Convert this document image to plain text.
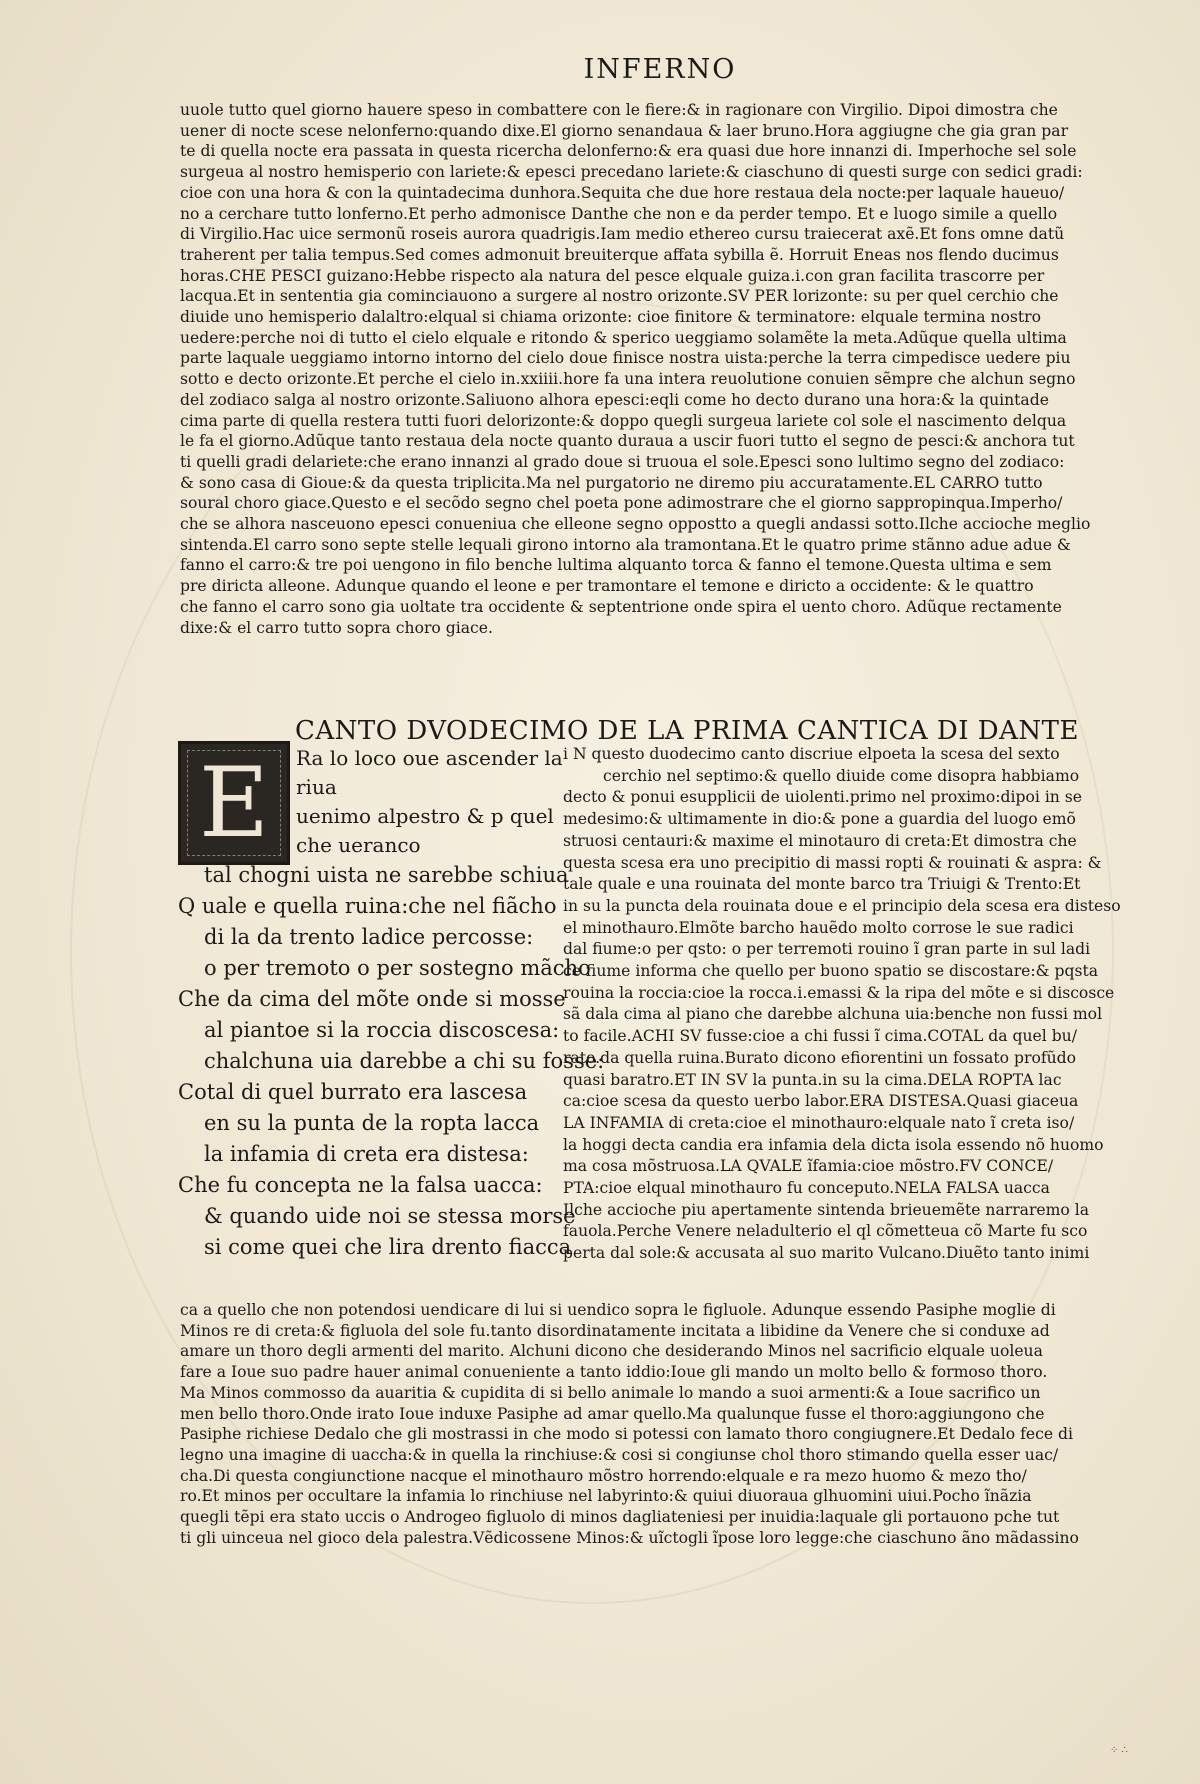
INFERNO
uuole tutto quel giorno hauere speso in combattere con le fiere:& in ragionare con Virgilio. Dipoi dimostra che
uener di nocte scese nelonferno:quando dixe.El giorno senandaua & laer bruno.Hora aggiugne che gia gran par
te di quella nocte era passata in questa ricercha delonferno:& era quasi due hore innanzi di. Imperhoche sel sole
surgeua al nostro hemisperio con lariete:& epesci precedano lariete:& ciaschuno di questi surge con sedici gradi:
cioe con una hora & con la quintadecima dunhora.Sequita che due hore restaua dela nocte:per laquale haueuo/
no a cerchare tutto lonferno.Et perho admonisce Danthe che non e da perder tempo. Et e luogo simile a quello
di Virgilio.Hac uice sermonũ roseis aurora quadrigis.Iam medio ethereo cursu traiecerat axẽ.Et fons omne datũ
traherent per talia tempus.Sed comes admonuit breuiterque affata sybilla ẽ. Horruit Eneas nos flendo ducimus
horas.CHE PESCI guizano:Hebbe rispecto ala natura del pesce elquale guiza.i.con gran facilita trascorre per
lacqua.Et in sententia gia cominciauono a surgere al nostro orizonte.SV PER lorizonte: su per quel cerchio che
diuide uno hemisperio dalaltro:elqual si chiama orizonte: cioe finitore & terminatore: elquale termina nostro
uedere:perche noi di tutto el cielo elquale e ritondo & sperico ueggiamo solamẽte la meta.Adũque quella ultima
parte laquale ueggiamo intorno intorno del cielo doue finisce nostra uista:perche la terra cimpedisce uedere piu
sotto e decto orizonte.Et perche el cielo in.xxiiii.hore fa una intera reuolutione conuien sẽmpre che alchun segno
del zodiaco salga al nostro orizonte.Saliuono alhora epesci:eqli come ho decto durano una hora:& la quintade
cima parte di quella restera tutti fuori delorizonte:& doppo quegli surgeua lariete col sole el nascimento delqua
le fa el giorno.Adũque tanto restaua dela nocte quanto duraua a uscir fuori tutto el segno de pesci:& anchora tut
ti quelli gradi delariete:che erano innanzi al grado doue si truoua el sole.Epesci sono lultimo segno del zodiaco:
& sono casa di Gioue:& da questa triplicita.Ma nel purgatorio ne diremo piu accuratamente.EL CARRO tutto
soural choro giace.Questo e el secõdo segno chel poeta pone adimostrare che el giorno sappropinqua.Imperho/
che se alhora nasceuono epesci conueniua che elleone segno oppostto a quegli andassi sotto.Ilche accioche meglio
sintenda.El carro sono septe stelle lequali girono intorno ala tramontana.Et le quatro prime stãnno adue adue &
fanno el carro:& tre poi uengono in filo benche lultima alquanto torca & fanno el temone.Questa ultima e sem
pre diricta alleone. Adunque quando el leone e per tramontare el temone e diricto a occidente: & le quattro
che fanno el carro sono gia uoltate tra occidente & septentrione onde spira el uento choro. Adũque rectamente
dixe:& el carro tutto sopra choro giace.
CANTO DVODECIMO DE LA PRIMA CANTICA DI DANTE
E	Ra lo loco oue ascender la
riua
uenimo alpestro & p quel
che ueranco
tal chogni uista ne sarebbe schiua
Q uale e quella ruina:che nel fiãcho
di la da trento ladice percosse:
o per tremoto o per sostegno mãcho
Che da cima del mõte onde si mosse
al piantoe si la roccia discoscesa:
chalchuna uia darebbe a chi su fosse:
Cotal di quel burrato era lascesa
en su la punta de la ropta lacca
la infamia di creta era distesa:
Che fu concepta ne la falsa uacca:
& quando uide noi se stessa morse
si come quei che lira drento fiacca
i N questo duodecimo canto discriue elpoeta la scesa del sexto
cerchio nel septimo:& quello diuide come disopra habbiamo
decto & ponui esupplicii de uiolenti.primo nel proximo:dipoi in se
medesimo:& ultimamente in dio:& pone a guardia del luogo emõ
struosi centauri:& maxime el minotauro di creta:Et dimostra che
questa scesa era uno precipitio di massi ropti & rouinati & aspra: &
tale quale e una rouinata del monte barco tra Triuigi & Trento:Et
in su la puncta dela rouinata doue e el principio dela scesa era distesо
el minothauro.Elmõte barcho hauẽdo molto corrose le sue radici
dal fiume:o per qsto: o per terremoti rouino ĩ gran parte in sul ladi
ce fiume informa che quello per buono spatio se discostare:& pqsta
rouina la roccia:cioe la rocca.i.emassi & la ripa del mõte e si discosce
sã dala cima al piano che darebbe alchuna uia:benche non fussi mol
to facile.ACHI SV fusse:cioe a chi fussi ĩ cima.COTAL da quel bu/
rato.da quella ruina.Burato dicono efiorentini un fossato profũdo
quasi baratro.ET IN SV la punta.in su la cima.DELA ROPTA lac
ca:cioe scesa da questo uerbo labor.ERA DISTESA.Quasi giaceua
LA INFAMIA di creta:cioe el minothauro:elquale nato ĩ creta iso/
la hoggi decta candia era infamia dela dicta isola essendo nõ huomo
ma cosa mõstruosa.LA QVALE ĩfamia:cioe mõstro.FV CONCE/
PTA:cioe elqual minothauro fu conceputo.NELA FALSA uacca
Ilche accioche piu apertamente sintenda brieuemẽte narraremo la
fauola.Perche Venere neladulterio el ql cõmetteua cõ Marte fu sco
perta dal sole:& accusata al suo marito Vulcano.Diuẽto tanto inimi
ca a quello che non potendosi uendicare di lui si uendico sopra le figluole. Adunque essendo Pasiphe moglie di
Minos re di creta:& figluola del sole fu.tanto disordinatamente incitata a libidine da Venere che si conduxe ad
amare un thoro degli armenti del marito. Alchuni dicono che desiderando Minos nel sacrificio elquale uoleua
fare a Ioue suo padre hauer animal conueniente a tanto iddio:Ioue gli mando un molto bello & formoso thoro.
Ma Minos commosso da auaritia & cupidita di si bello animale lo mando a suoi armenti:& a Ioue sacrifico un
men bello thoro.Onde irato Ioue induxe Pasiphe ad amar quello.Ma qualunque fusse el thoro:aggiungono che
Pasiphe richiese Dedalo che gli mostrassi in che modo si potessi con lamato thoro congiugnere.Et Dedalo fece di
legno una imagine di uaccha:& in quella la rinchiuse:& cosi si congiunse chol thoro stimando quella esser uac/
cha.Di questa congiunctione nacque el minothauro mõstro horrendo:elquale e ra mezo huomo & mezo tho/
ro.Et minos per occultare la infamia lo rinchiuse nel labyrinto:& quiui diuoraua glhuomini uiui.Pocho ĩnãzia
quegli tẽpi era stato uccis o Androgeo figluolo di minos dagliateniesi per inuidia:laquale gli portauono pche tut
ti gli uinceua nel gioco dela palestra.Vẽdicossene Minos:& uĩctogli ĩpose loro legge:che ciaschuno ãno mãdassino
⁘ ∴
